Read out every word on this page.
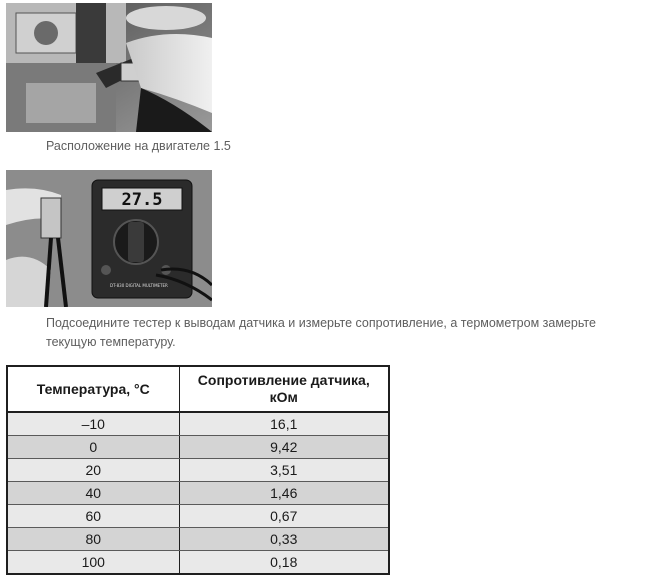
Расположение на двигателе 1.5
27.5
DT-830 DIGITAL MULTIMETER
Подсоедините тестер к выводам датчика и измерьте сопротивление, а термометром замерьте текущую температуру.
Температура, °С	Сопротивление датчика, кОм
–10	16,1
0	9,42
20	3,51
40	1,46
60	0,67
80	0,33
100	0,18
